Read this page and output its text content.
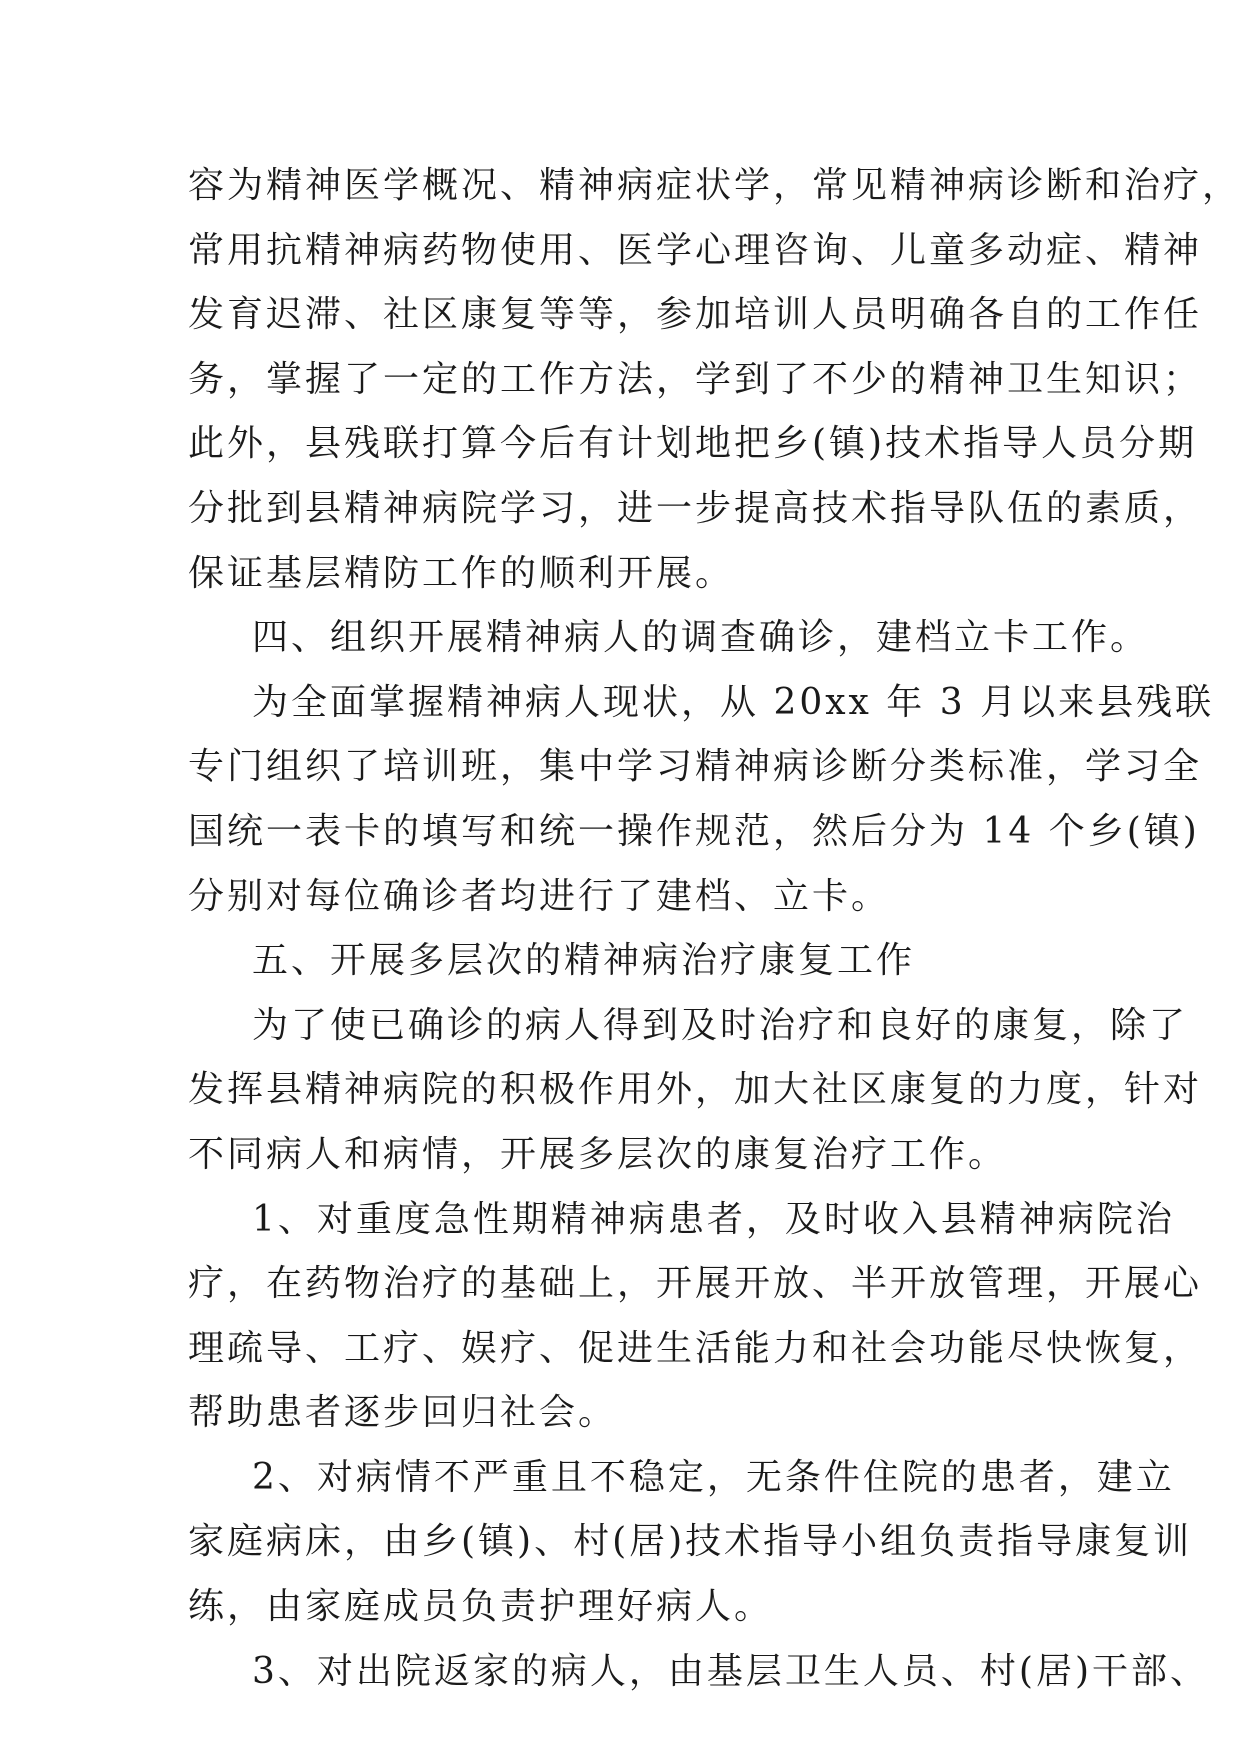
容为精神医学概况、精神病症状学，常见精神病诊断和治疗，
常用抗精神病药物使用、医学心理咨询、儿童多动症、精神
发育迟滞、社区康复等等，参加培训人员明确各自的工作任
务，掌握了一定的工作方法，学到了不少的精神卫生知识；
此外，县残联打算今后有计划地把乡(镇)技术指导人员分期
分批到县精神病院学习，进一步提高技术指导队伍的素质，
保证基层精防工作的顺利开展。
四、组织开展精神病人的调查确诊，建档立卡工作。
为全面掌握精神病人现状，从 20xx 年 3 月以来县残联
专门组织了培训班，集中学习精神病诊断分类标准，学习全
国统一表卡的填写和统一操作规范，然后分为 14 个乡(镇)
分别对每位确诊者均进行了建档、立卡。
五、开展多层次的精神病治疗康复工作
为了使已确诊的病人得到及时治疗和良好的康复，除了
发挥县精神病院的积极作用外，加大社区康复的力度，针对
不同病人和病情，开展多层次的康复治疗工作。
1、对重度急性期精神病患者，及时收入县精神病院治
疗，在药物治疗的基础上，开展开放、半开放管理，开展心
理疏导、工疗、娱疗、促进生活能力和社会功能尽快恢复，
帮助患者逐步回归社会。
2、对病情不严重且不稳定，无条件住院的患者，建立
家庭病床，由乡(镇)、村(居)技术指导小组负责指导康复训
练，由家庭成员负责护理好病人。
3、对出院返家的病人，由基层卫生人员、村(居)干部、
